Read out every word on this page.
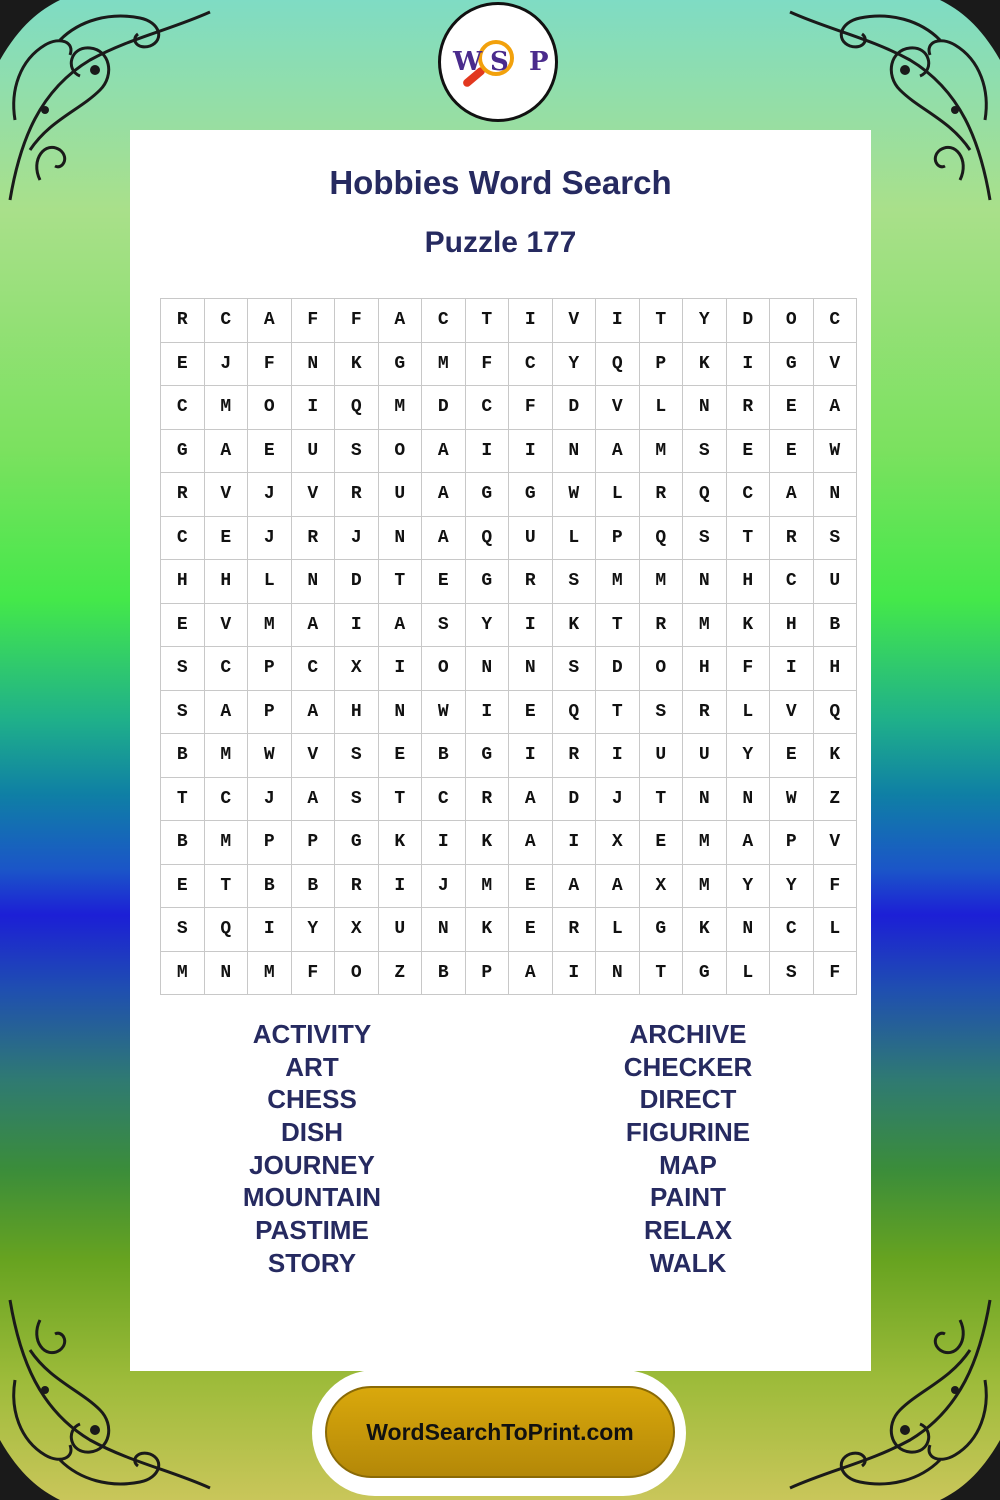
W S P
Hobbies Word Search
Puzzle 177
R	C	A	F	F	A	C	T	I	V	I	T	Y	D	O	C
E	J	F	N	K	G	M	F	C	Y	Q	P	K	I	G	V
C	M	O	I	Q	M	D	C	F	D	V	L	N	R	E	A
G	A	E	U	S	O	A	I	I	N	A	M	S	E	E	W
R	V	J	V	R	U	A	G	G	W	L	R	Q	C	A	N
C	E	J	R	J	N	A	Q	U	L	P	Q	S	T	R	S
H	H	L	N	D	T	E	G	R	S	M	M	N	H	C	U
E	V	M	A	I	A	S	Y	I	K	T	R	M	K	H	B
S	C	P	C	X	I	O	N	N	S	D	O	H	F	I	H
S	A	P	A	H	N	W	I	E	Q	T	S	R	L	V	Q
B	M	W	V	S	E	B	G	I	R	I	U	U	Y	E	K
T	C	J	A	S	T	C	R	A	D	J	T	N	N	W	Z
B	M	P	P	G	K	I	K	A	I	X	E	M	A	P	V
E	T	B	B	R	I	J	M	E	A	A	X	M	Y	Y	F
S	Q	I	Y	X	U	N	K	E	R	L	G	K	N	C	L
M	N	M	F	O	Z	B	P	A	I	N	T	G	L	S	F
ACTIVITY
ART
CHESS
DISH
JOURNEY
MOUNTAIN
PASTIME
STORY
ARCHIVE
CHECKER
DIRECT
FIGURINE
MAP
PAINT
RELAX
WALK
WordSearchToPrint.com
